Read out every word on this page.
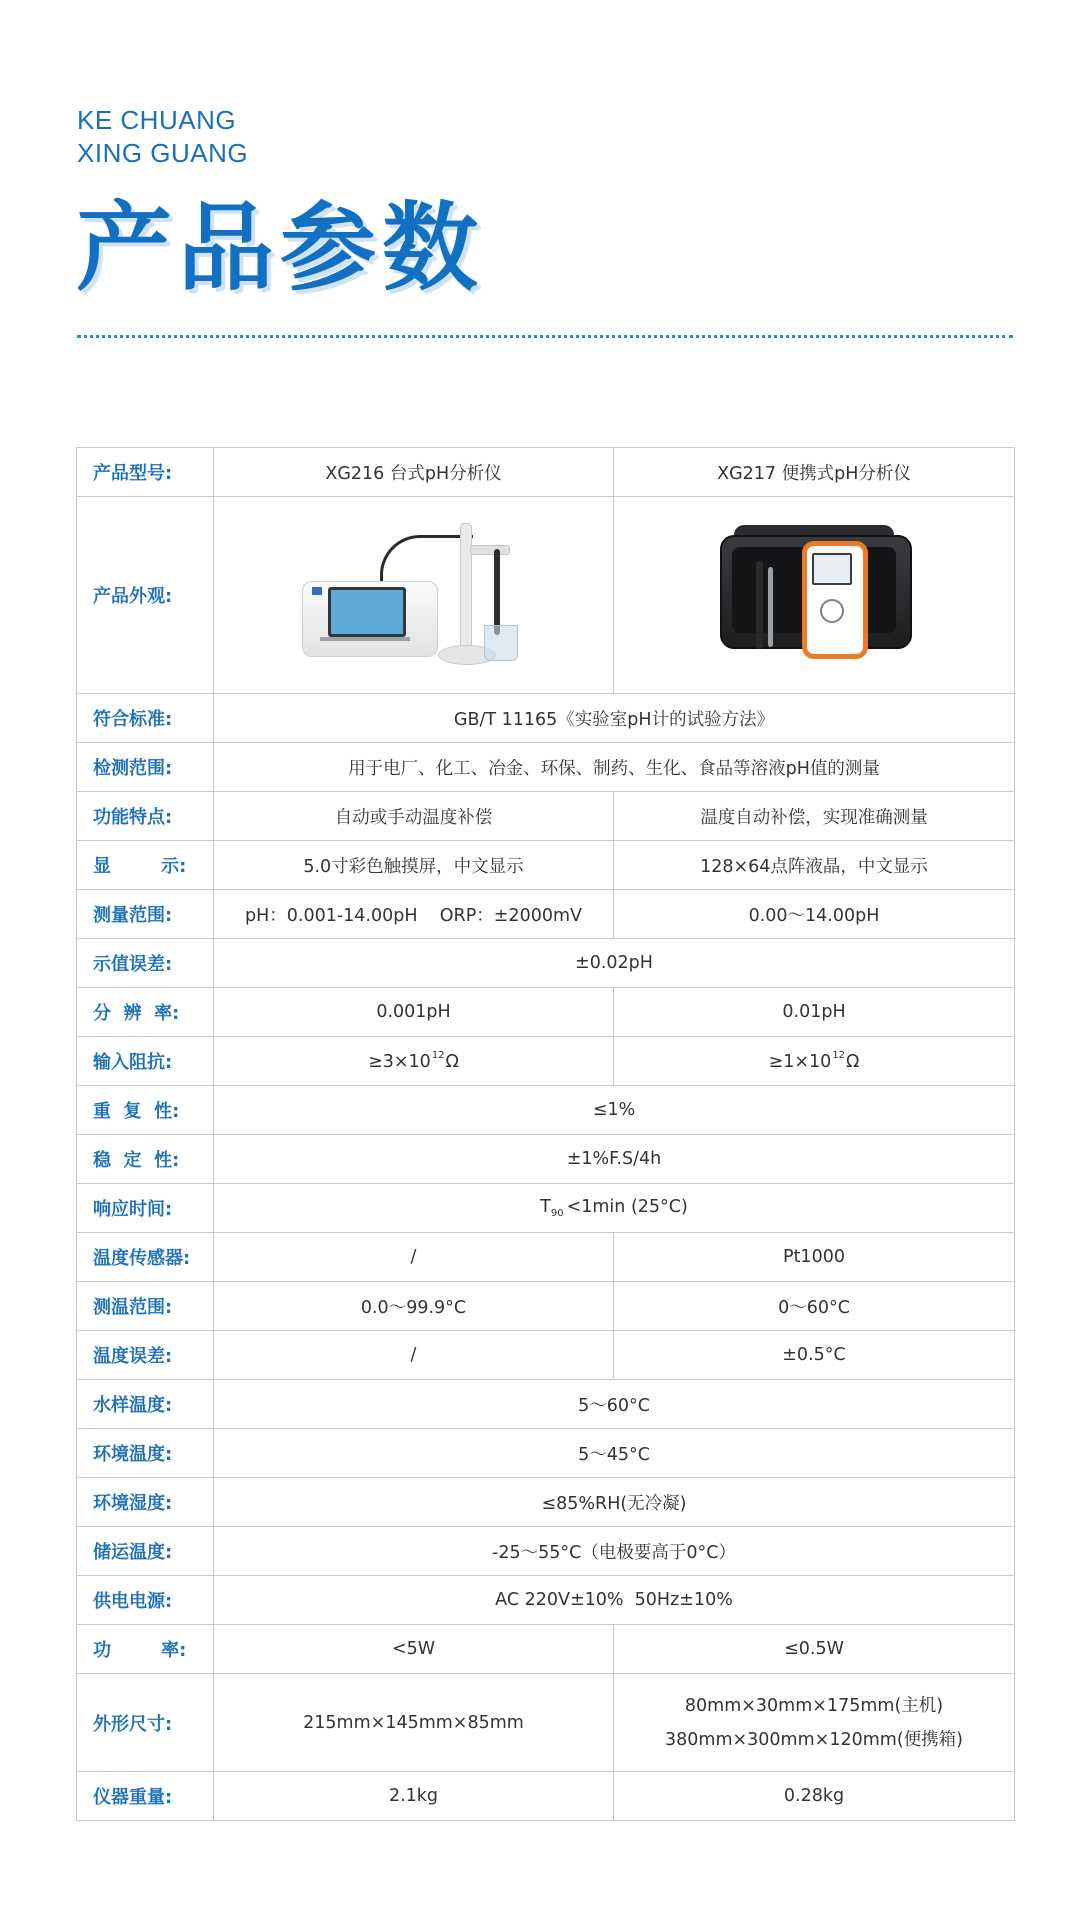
KE CHUANG
XING GUANG
产品参数
产品型号:	XG216 台式pH分析仪	XG217 便携式pH分析仪
产品外观:	

符合标准:	GB/T 11165《实验室pH计的试验方法》	
检测范围:	用于电厂、化工、冶金、环保、制药、生化、食品等溶液pH值的测量	
功能特点:	自动或手动温度补偿	温度自动补偿，实现准确测量
显        示:	5.0寸彩色触摸屏，中文显示	128×64点阵液晶，中文显示
测量范围:	pH：0.001-14.00pH    ORP：±2000mV	0.00～14.00pH
示值误差:	±0.02pH	
分  辨  率:	0.001pH	0.01pH
输入阻抗:	$\ge 3\times 10^{12}\Omega$	$\ge 1\times 10^{12}\Omega$
重  复  性:	≤1%	
稳  定  性:	±1%F.S/4h	
响应时间:	$T_{90} <1\min$ (25°C)	
温度传感器:	/	Pt1000
测温范围:	0.0～99.9°C	0～60°C
温度误差:	/	±0.5°C
水样温度:	5～60°C	
环境温度:	5～45°C	
环境湿度:	≤85%RH(无冷凝)	
储运温度:	-25～55°C（电极要高于0°C）	
供电电源:	AC 220V±10%  50Hz±10%	
功        率:	<5W	≤0.5W
外形尺寸:	215mm×145mm×85mm	80mm×30mm×175mm(主机)
380mm×300mm×120mm(便携箱)

仪器重量:	2.1kg	0.28kg
